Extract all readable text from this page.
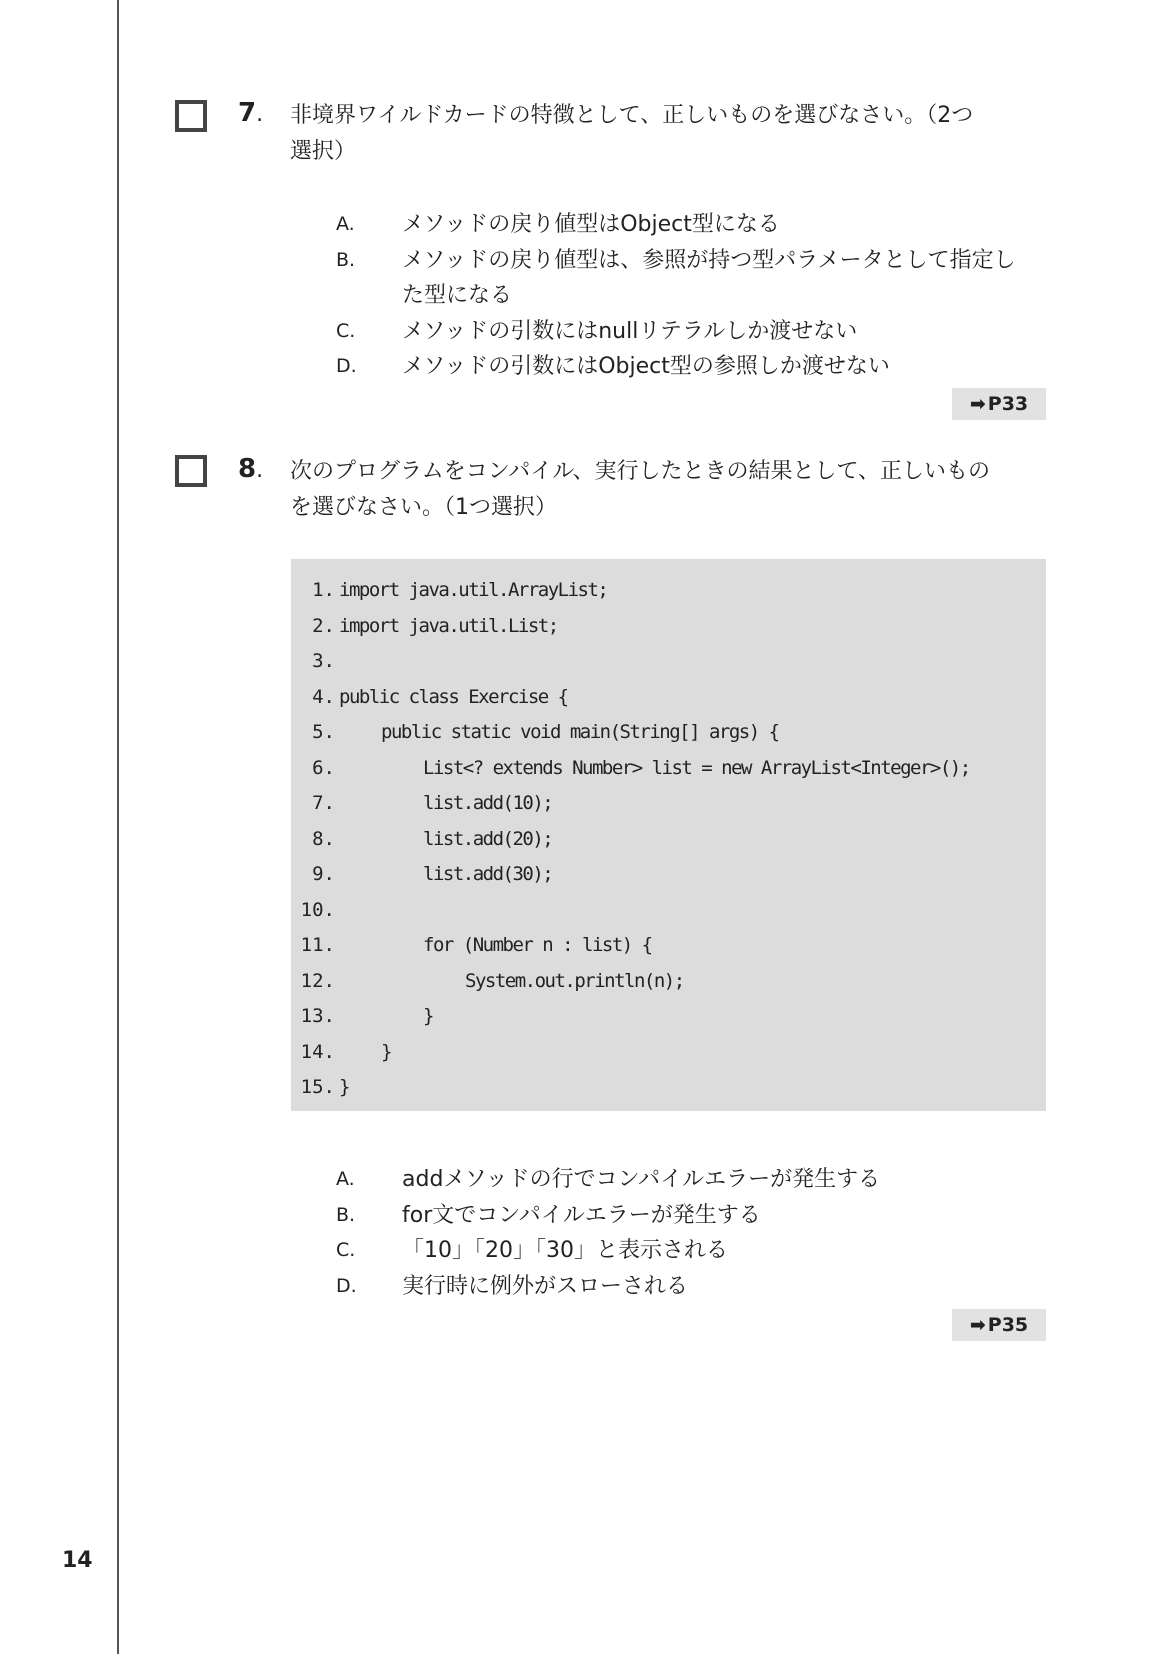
7. 非境界ワイルドカードの特徴として、正しいものを選びなさい。（2つ
選択）
A. メソッドの戻り値型はObject型になる
B. メソッドの戻り値型は、参照が持つ型パラメータとして指定し
た型になる
C. メソッドの引数にはnullリテラルしか渡せない
D. メソッドの引数にはObject型の参照しか渡せない
➡ P33
8. 次のプログラムをコンパイル、実行したときの結果として、正しいもの
を選びなさい。（1つ選択）
1. import java.util.ArrayList;
2. import java.util.List;
3.
4. public class Exercise {
5. public static void main(String[] args) {
6.	List<? extends Number> list = new ArrayList<Integer>();
7.	list.add(10);
8.	list.add(20);
9.	list.add(30);
10.
11.	for (Number n : list) {
12.	System.out.println(n);
13.	}
14. }
15. }
A. addメソッドの行でコンパイルエラーが発生する
B. for文でコンパイルエラーが発生する
C. 「10」「20」「30」と表示される
D. 実行時に例外がスローされる
➡ P35
14
